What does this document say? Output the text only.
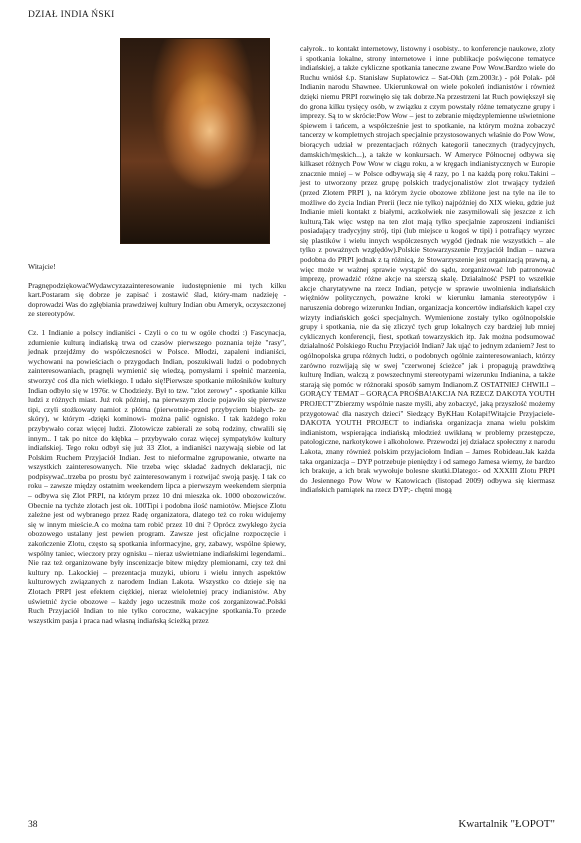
DZIAŁ INDIA ŃSKI

Witajcie!

PragnępodziękowaćWydawcyzazainteresowanie iudostępnienie mi tych kilku kart.Postaram się dobrze je zapisać i zostawić ślad, który-mam nadzieję - doprowadzi Was do zgłębiania prawdziwej kultury Indian obu Ameryk, oczyszczonej ze stereotypów.

Cz. 1 Indianie a polscy indianiści - Czyli o co tu w ogóle chodzi :) Fascynacja, zdumienie kulturą indiańską trwa od czasów pierwszego poznania tejże "rasy", jednak przejdźmy do współczesności w Polsce. Młodzi, zapaleni indianiści, wychowani na powieściach o przygodach Indian, poszukiwali ludzi o podobnych zainteresowaniach, pragnęli wymienić się wiedzą, pomysłami i spełnić marzenia, stworzyć coś dla nich wielkiego. I udało się!Pierwsze spotkanie miłośników kultury Indian odbyło się w 1976r. w Chodzieży. Był to tzw. "zlot zerowy" - spotkanie kilku ludzi z różnych miast. Już rok później, na pierwszym zlocie pojawiło się pierwsze tipi, czyli stożkowaty namiot z płótna (pierwotnie-przed przybyciem białych- ze skóry), w którym -dzięki kominowi- można palić ognisko. I tak każdego roku przybywało coraz więcej ludzi. Zlotowicze zabierali ze sobą rodziny, chwalili się innym.. I tak po nitce do kłębka – przybywało coraz więcej sympatyków kultury indiańskiej. Tego roku odbył się już 33 Zlot, a indianiści nazywają siebie od lat Polskim Ruchem Przyjaciół Indian. Jest to nieformalne zgrupowanie, otwarte na wszystkich zainteresowanych. Nie trzeba więc składać żadnych deklaracji, nic podpisywać..trzeba po prostu być zainteresowanym i rozwijać swoją pasję. I tak co roku – zawsze między ostatnim weekendem lipca a pierwszym weekendem sierpnia – odbywa się Zlot PRPI, na którym przez 10 dni mieszka ok. 1000 obozowiczów. Obecnie na tychże zlotach jest ok. 100Tipi i podobna ilość namiotów. Miejsce Zlotu zależne jest od wybranego przez Radę organizatora, dlatego też co roku widujemy się w innym mieście.A co można tam robić przez 10 dni ? Oprócz zwykłego życia obozowego ustalany jest pewien program. Zawsze jest oficjalne rozpoczęcie i zakończenie Zlotu, często są spotkania informacyjne, gry, zabawy, wspólne śpiewy, wspólny taniec, wieczory przy ognisku – nieraz uświetniane indiańskimi legendami.. Nie raz też organizowane były inscenizacje bitew między plemionami, czy też dni kultury np. Lakockiej – prezentacja muzyki, ubioru i wielu innych aspektów kulturowych związanych z narodem Indian Lakota. Wszystko co dzieje się na Zlotach PRPI jest efektem ciężkiej, nieraz wieloletniej pracy indianistów. Aby uświetnić życie obozowe – każdy jego uczestnik może coś zorganizować.Polski Ruch Przyjaciół Indian to nie tylko coroczne, wakacyjne spotkania.To przede wszystkim pasja i praca nad własną indiańską ścieżką przez

całyrok.. to kontakt internetowy, listowny i osobisty.. to konferencje naukowe, zloty i spotkania lokalne, strony internetowe i inne publikacje poświęcone tematyce indiańskiej, a także cykliczne spotkania taneczne zwane Pow Wow.Bardzo wiele do Ruchu wniósł ś.p. Stanisław Supłatowicz – Sat-Okh (zm.2003r.) - pół Polak- pół Indianin narodu Shawnee. Ukierunkował on wiele pokoleń indianistów i również dzięki niemu PRPI rozwinęło się tak dobrze.Na przestrzeni lat Ruch powiększył się do grona kilku tysięcy osób, w związku z czym powstały różne tematyczne grupy i imprezy. Są to w skrócie:Pow Wow – jest to zebranie międzyplemienne uświetnione śpiewem i tańcem, a współcześnie jest to spotkanie, na którym można zobaczyć tancerzy w kompletnych strojach specjalnie przystosowanych właśnie do Pow Wow, biorących udział w prezentacjach różnych kategorii tanecznych (tradycyjnych, damskich/męskich...), a także w konkursach. W Ameryce Północnej odbywa się kilkaset różnych Pow Wow w ciągu roku, a w kręgach indianistycznych w Europie znacznie mniej – w Polsce odbywają się 4 razy, po 1 na każdą porę roku.Takini – jest to utworzony przez grupę polskich tradycjonalistów zlot trwający tydzień (przed Zlotem PRPI ), na którym życie obozowe zbliżone jest na tyle na ile to możliwe do życia Indian Prerii (lecz nie tylko) najpóźniej do XIX wieku, gdzie już Indianie mieli kontakt z białymi, aczkolwiek nie zasymilowali się jeszcze z ich kulturą.Tak więc wstęp na ten zlot mają tylko specjalnie zaproszeni indianiści posiadający tradycyjny strój, tipi (lub miejsce u kogoś w tipi) i potrafiący wyrzec się plastików i wielu innych współczesnych wygód (jednak nie wszystkich – ale tylko z poważnych względów).Polskie Stowarzyszenie Przyjaciół Indian – nazwa podobna do PRPI jednak z tą różnicą, że Stowarzyszenie jest organizacją prawną, a więc może w ważnej sprawie wystąpić do sądu, zorganizować lub patronować imprezę, prowadzić różne akcje na szerszą skalę. Działalność PSPI to wszelkie akcje charytatywne na rzecz Indian, petycje w sprawie uwolnienia indiańskich więźniów politycznych, poważne kroki w kierunku łamania stereotypów i naruszenia dobrego wizerunku Indian, organizacja koncertów indiańskich kapel czy wizyty indiańskich gości specjalnych. Wymienione zostały tylko ogólnopolskie grupy i spotkania, nie da się zliczyć tych grup lokalnych czy bardziej lub mniej cyklicznych konferencji, fiest, spotkań towarzyskich itp. Jak można podsumować działalność Polskiego Ruchu Przyjaciół Indian? Jak ująć to jednym zdaniem? Jest to ogólnopolska grupa różnych ludzi, o podobnych ogólnie zainteresowaniach, którzy zarówno rozwijają się w swej "czerwonej ścieżce" jak i propagują prawdziwą kulturę Indian, walczą z powszechnymi stereotypami wizerunku Indianina, a także starają się pomóc w różnoraki sposób samym Indianom.Z OSTATNIEJ CHWILI – GORĄCY TEMAT – GORĄCA PROŚBA!AKCJA NA RZECZ DAKOTA YOUTH PROJECT"Zbierzmy wspólnie nasze myśli, aby zobaczyć, jaką przyszłość możemy przygotować dla naszych dzieci" Siedzący ByKHau Kolapi!Witajcie Przyjaciele-DAKOTA YOUTH PROJECT to indiańska organizacja znana wielu polskim indianistom, wspierająca indiańską młodzież uwikłaną w problemy przestępcze, patologiczne, narkotykowe i alkoholowe. Przewodzi jej działacz społeczny z narodu Lakota, znany również polskim przyjaciołom Indian – James Robideau.Jak każda taka organizacja – DYP potrzebuje pieniędzy i od samego Jamesa wiemy, że bardzo ich brakuje, a ich brak wywołuje bolesne skutki.Dlatego:- od XXXIII Zlotu PRPI do Jesiennego Pow Wow w Katowicach (listopad 2009) odbywa się kiermasz indiańskich pamiątek na rzecz DYP;- chętni mogą

38	Kwartalnik "ŁOPOT"
